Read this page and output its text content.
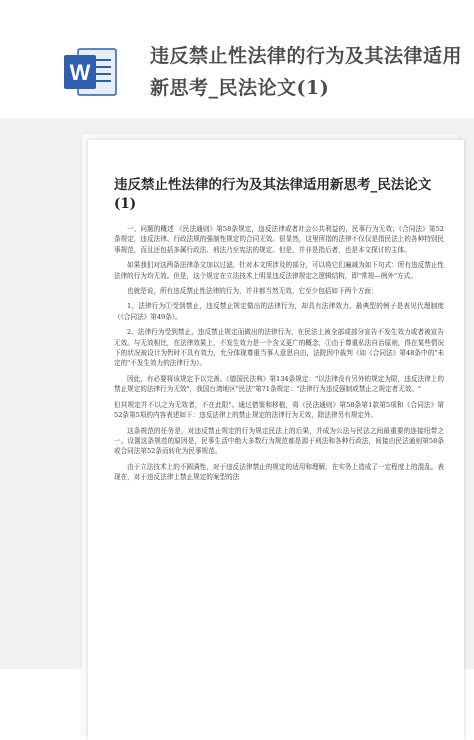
W
违反禁止性法律的行为及其法律适用新思考_民法论文(1)
违反禁止性法律的行为及其法律适用新思考_民法论文(1)

一、问题的概述 《民法通则》第58条规定，违反法律或者社会公共利益的，民事行为无效；《合同法》第52条规定，违反法律、行政法规的强制性规定的合同无效。很显然，这里所指的法律不仅仅是指民法上的各种特别民事规范，而且还包括多属行政法、刑法乃至宪法的规定。但是，并非是指后者，也是本文探讨的主体。

如果我们对这两条法律条文加以过滤，针对本文所涉及的部分，可以将它们遍减为如下句式：所有违反禁止性法律的行为均无效。但是，这个规定在立法技术上明显违反法律规定之逻辑结构，即"常规—例外"方式。

也就是说，所有违反禁止性法律的行为，并非都当然无效，它至少包括如下两个方面：

1、法律行为①受到禁止，违反禁止规定做出的法律行为，却具有法律效力。最典型的例子是表见代理制度（《合同法》第49条）。

2、法律行为受到禁止，违反禁止规定而做出的法律行为，在民法上被全部或部分宣告不发生效力或者被宣告无效。与无效相比，在法律效果上，不发生效力是一个含义更广的概念，①由于尊重私法自治原则，得在某些情况下的状况被设计为暂时不具有效力，允分体现尊重当事人意思自由，法院因中裁判《如《合同法》第48条中的"未定的"不发生效力的法律行为）。

因此，有必要将该规定予以完善。《德国民法典》第134条规定："以法律没有另外的规定为限，违反法律上的禁止规定的法律行为无效"，我国台湾地区"民法"第71条规定："法律行为违反强制或禁止之规定者无效。"

但其规定并不以之为无效者，不在此限"。通过借鉴和移植，将《民法通则》第58条第1款第5项和《合同法》第52条第5项的内容表述如下：违反法律上的禁止规定的法律行为无效，除法律另有规定外。

这条规范的任务是，对违反禁止规定的行为规定民法上的后果，并成为公法与民法之间最重要的连接纽带之一。设置这条规范的原因是，民事生活中绝大多数行为规范都是源于刑法和各种行政法，间接由民法通则第58条或合同法第52条而转化为民事规范。

由于立法技术上的不圆满性，对于违反法律禁止的规定的适用和理解，在实务上造成了一定程度上的混乱。表现在，对于违反法律上禁止规定的案型的法
